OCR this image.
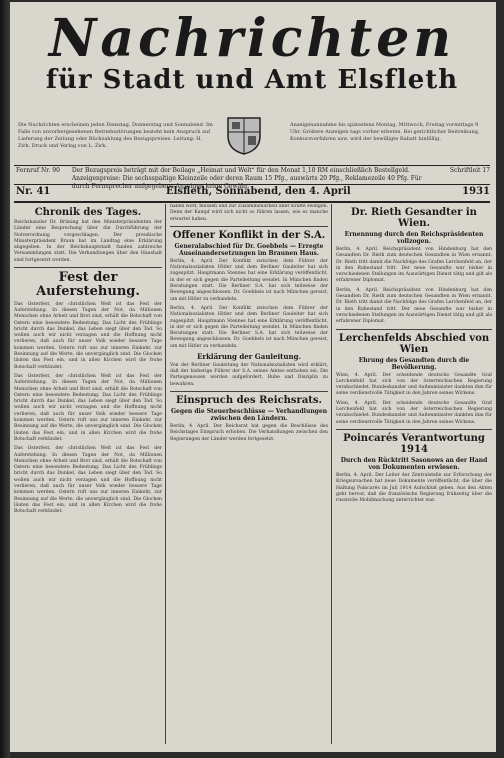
Nachrichten
für Stadt und Amt Elsfleth
Die Nachrichten erscheinen jeden Dienstag, Donnerstag und Sonnabend. Im Falle von unvorhergesehenen Betriebsstörungen besteht kein Anspruch auf Lieferung der Zeitung oder Rückzahlung des Bezugspreises. Leitung: H. Zirk. Druck und Verlag von L. Zirk.
Anzeigenannahme bis spätestens Montag, Mittwoch, Freitag vormittags 9 Uhr. Größere Anzeigen tags vorher erbeten. Bei gerichtlicher Beitreibung, Konkursverfahren usw. wird der bewilligte Rabatt hinfällig.
Fernruf Nr. 90 Der Bezugspreis beträgt mit der Beilage „Heimat und Welt“ für den Monat 1,10 RM einschließlich Bestellgeld. Anzeigenpreise: Die sechsspaltige Kleinzeile oder deren Raum 15 Pfg., auswärts 20 Pfg., Reklamezeile 40 Pfg. Für durch Fernsprecher aufgegebene Anzeigen keine Gewähr.
Schriftleit 17
Nr. 41	Elsfleth, Sonnabend, den 4. April	1931
Chronik des Tages.

Reichskanzler Dr. Brüning hat den Ministerpräsidenten der Länder eine Besprechung über die Durchführung der Notverordnung vorgeschlagen. Der preußische Ministerpräsident Braun hat im Landtag eine Erklärung abgegeben. In der Reichshauptstadt fanden zahlreiche Versammlungen statt. Die Verhandlungen über den Haushalt sind fortgesetzt worden.

Fest der Auferstehung.

Das Osterfest, der christlichen Welt ist das Fest der Auferstehung. In diesen Tagen der Not, da Millionen Menschen ohne Arbeit und Brot sind, erhält die Botschaft von Ostern eine besondere Bedeutung. Das Licht des Frühlings bricht durch das Dunkel, das Leben siegt über den Tod. So wollen auch wir nicht verzagen und die Hoffnung nicht verlieren, daß auch für unser Volk wieder bessere Tage kommen werden. Ostern ruft uns zur inneren Einkehr, zur Besinnung auf die Werte, die unvergänglich sind. Die Glocken läuten das Fest ein, und in allen Kirchen wird die frohe Botschaft verkündet.

Das Osterfest, der christlichen Welt ist das Fest der Auferstehung. In diesen Tagen der Not, da Millionen Menschen ohne Arbeit und Brot sind, erhält die Botschaft von Ostern eine besondere Bedeutung. Das Licht des Frühlings bricht durch das Dunkel, das Leben siegt über den Tod. So wollen auch wir nicht verzagen und die Hoffnung nicht verlieren, daß auch für unser Volk wieder bessere Tage kommen werden. Ostern ruft uns zur inneren Einkehr, zur Besinnung auf die Werte, die unvergänglich sind. Die Glocken läuten das Fest ein, und in allen Kirchen wird die frohe Botschaft verkündet.

Das Osterfest, der christlichen Welt ist das Fest der Auferstehung. In diesen Tagen der Not, da Millionen Menschen ohne Arbeit und Brot sind, erhält die Botschaft von Ostern eine besondere Bedeutung. Das Licht des Frühlings bricht durch das Dunkel, das Leben siegt über den Tod. So wollen auch wir nicht verzagen und die Hoffnung nicht verlieren, daß auch für unser Volk wieder bessere Tage kommen werden. Ostern ruft uns zur inneren Einkehr, zur Besinnung auf die Werte, die unvergänglich sind. Die Glocken läuten das Fest ein, und in allen Kirchen wird die frohe Botschaft verkündet.

haben wird, müssen und zur Zusammenarbeit aller Kräfte zwingen. Denn der Kampf wird sich nicht so führen lassen, wie es manche erwartet haben.

Offener Konflikt in der S.A.
Generalabschied für Dr. Goebbels — Erregte Auseinandersetzungen im Braunen Haus.

Berlin, 4. April. Der Konflikt zwischen dem Führer der Nationalsozialisten Hitler und dem Berliner Gauleiter hat sich zugespitzt. Hauptmann Stennes hat eine Erklärung veröffentlicht, in der er sich gegen die Parteileitung wendet. In München finden Beratungen statt. Die Berliner S.A. hat sich teilweise der Bewegung angeschlossen. Dr. Goebbels ist nach München gereist, um mit Hitler zu verhandeln.

Berlin, 4. April. Der Konflikt zwischen dem Führer der Nationalsozialisten Hitler und dem Berliner Gauleiter hat sich zugespitzt. Hauptmann Stennes hat eine Erklärung veröffentlicht, in der er sich gegen die Parteileitung wendet. In München finden Beratungen statt. Die Berliner S.A. hat sich teilweise der Bewegung angeschlossen. Dr. Goebbels ist nach München gereist, um mit Hitler zu verhandeln.

Erklärung der Gauleitung.

Von der Berliner Gauleitung der Nationalsozialisten wird erklärt, daß der bisherige Führer der S.A. seines Amtes enthoben sei. Die Parteigenossen werden aufgefordert, Ruhe und Disziplin zu bewahren.

Einspruch des Reichsrats.
Gegen die Steuerbeschlüsse — Verhandlungen zwischen den Ländern.

Berlin, 4. April. Der Reichsrat hat gegen die Beschlüsse des Reichstages Einspruch erhoben. Die Verhandlungen zwischen den Regierungen der Länder werden fortgesetzt.

Dr. Rieth Gesandter in Wien.
Ernennung durch den Reichspräsidenten vollzogen.

Berlin, 4. April. Reichspräsident von Hindenburg hat den Gesandten Dr. Rieth zum deutschen Gesandten in Wien ernannt. Dr. Rieth tritt damit die Nachfolge des Grafen Lerchenfeld an, der in den Ruhestand tritt. Der neue Gesandte war bisher in verschiedenen Stellungen im Auswärtigen Dienst tätig und gilt als erfahrener Diplomat.

Berlin, 4. April. Reichspräsident von Hindenburg hat den Gesandten Dr. Rieth zum deutschen Gesandten in Wien ernannt. Dr. Rieth tritt damit die Nachfolge des Grafen Lerchenfeld an, der in den Ruhestand tritt. Der neue Gesandte war bisher in verschiedenen Stellungen im Auswärtigen Dienst tätig und gilt als erfahrener Diplomat.

Lerchenfelds Abschied von Wien
Ehrung des Gesandten durch die Bevölkerung.

Wien, 4. April. Der scheidende deutsche Gesandte Graf Lerchenfeld hat sich von der österreichischen Regierung verabschiedet. Bundeskanzler und Außenminister dankten ihm für seine verdienstvolle Tätigkeit in den Jahren seines Wirkens.

Wien, 4. April. Der scheidende deutsche Gesandte Graf Lerchenfeld hat sich von der österreichischen Regierung verabschiedet. Bundeskanzler und Außenminister dankten ihm für seine verdienstvolle Tätigkeit in den Jahren seines Wirkens.

Poincarés Verantwortung 1914
Durch den Rücktritt Sasonows an der Hand von Dokumenten erwiesen.

Berlin, 4. April. Der Leiter der Zentralstelle zur Erforschung der Kriegsursachen hat neue Dokumente veröffentlicht, die über die Haltung Poincarés im Juli 1914 Aufschluß geben. Aus den Akten geht hervor, daß die französische Regierung frühzeitig über die russische Mobilmachung unterrichtet war.
